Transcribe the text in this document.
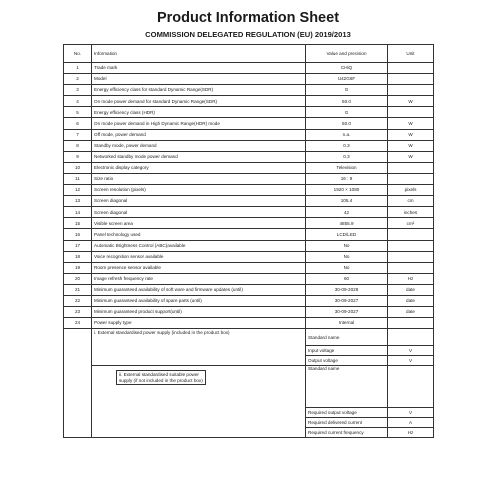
Product Information Sheet
COMMISSION DELEGATED REGULATION (EU) 2019/2013
No.	Information	Value and precision	Unit
1	Trade mark	CHiQ	
2	Model	U42G6F	
3	Energy efficiency class for standard Dynamic Range(SDR)	G	
4	On mode power demand for standard Dynamic Range(SDR)	50.0	W
5	Energy efficiency class (HDR)	G	
6	On mode power demand in High Dynamic Range(HDR) mode	50.0	W
7	Off mode, power demand	n.a.	W
8	Standby mode, power demand	0.3	W
9	Networked standby mode power demand	0.3	W
10	Electronic display category	Television	
11	Size ratio	16 : 9	
12	Screen resolution (pixels)	1920 × 1080	pixels
13	Screen diagonal	105.4	cm
14	Screen diagonal	42	inches
15	Visible screen area	4855.9	cm²
16	Panel technology used	LCD/LED	
17	Automatic Brightness Control (ABC)available	No	
18	Voice recognition sensor available	No	
19	Room presence sensor available	No	
20	Image refresh frequency rate	60	Hz
21	Minimum guaranteed availability of soft ware and firmware updates (until)	30-09-2028	date
22	Minimum guaranteed availability of spare parts (until)	30-09-2027	date
23	Minimum guaranteed product support(until)	30-09-2027	date
24	Power supply type	Internal	

	i. External standardised power supply (included in the product box)	Standard name	
		Input voltage	V
		Output voltage	V
	ii. External standardised suitable power supply (if not included in the product box)	Standard name	
		Required output voltage	V
		Required delivered current	A
		Required current frequency	Hz
